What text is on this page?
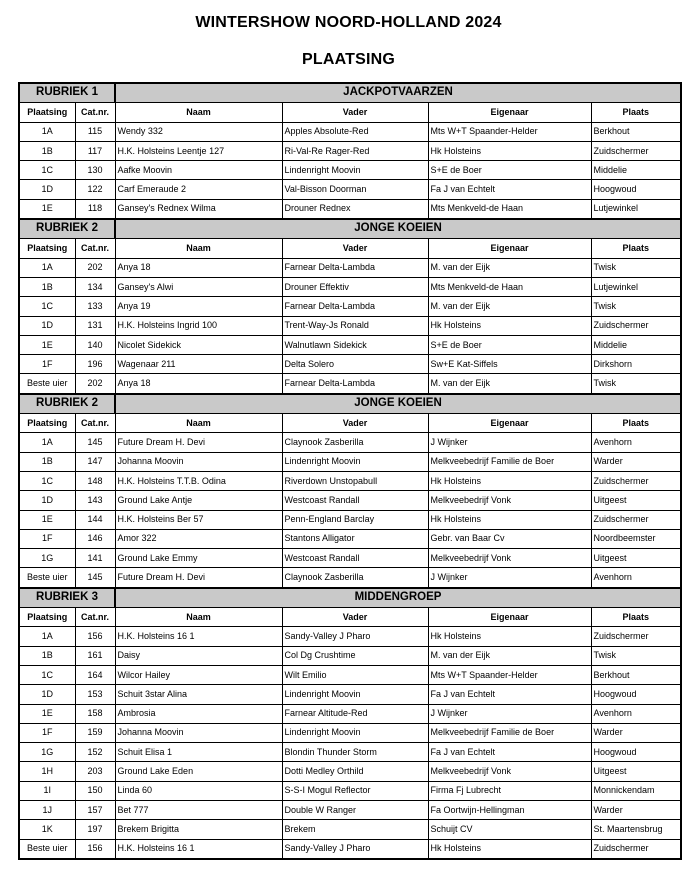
WINTERSHOW NOORD-HOLLAND 2024
PLAATSING
RUBRIEK 1		JACKPOTVAARZEN			
Plaatsing	Cat.nr.	Naam	Vader	Eigenaar	Plaats
1A	115	Wendy 332	Apples Absolute-Red	Mts W+T Spaander-Helder	Berkhout
1B	117	H.K. Holsteins Leentje 127	Ri-Val-Re Rager-Red	Hk Holsteins	Zuidschermer
1C	130	Aafke Moovin	Lindenright Moovin	S+E de Boer	Middelie
1D	122	Carf Emeraude 2	Val-Bisson Doorman	Fa J van Echtelt	Hoogwoud
1E	118	Gansey's Rednex Wilma	Drouner Rednex	Mts Menkveld-de Haan	Lutjewinkel
RUBRIEK 2		JONGE KOEIEN			
Plaatsing	Cat.nr.	Naam	Vader	Eigenaar	Plaats
1A	202	Anya 18	Farnear Delta-Lambda	M. van der Eijk	Twisk
1B	134	Gansey's Alwi	Drouner Effektiv	Mts Menkveld-de Haan	Lutjewinkel
1C	133	Anya 19	Farnear Delta-Lambda	M. van der Eijk	Twisk
1D	131	H.K. Holsteins Ingrid 100	Trent-Way-Js Ronald	Hk Holsteins	Zuidschermer
1E	140	Nicolet Sidekick	Walnutlawn Sidekick	S+E de Boer	Middelie
1F	196	Wagenaar 211	Delta Solero	Sw+E Kat-Siffels	Dirkshorn
Beste uier	202	Anya 18	Farnear Delta-Lambda	M. van der Eijk	Twisk
RUBRIEK 2		JONGE KOEIEN			
Plaatsing	Cat.nr.	Naam	Vader	Eigenaar	Plaats
1A	145	Future Dream H. Devi	Claynook Zasberilla	J Wijnker	Avenhorn
1B	147	Johanna Moovin	Lindenright Moovin	Melkveebedrijf Familie de Boer	Warder
1C	148	H.K. Holsteins T.T.B. Odina	Riverdown Unstopabull	Hk Holsteins	Zuidschermer
1D	143	Ground Lake Antje	Westcoast Randall	Melkveebedrijf Vonk	Uitgeest
1E	144	H.K. Holsteins Ber 57	Penn-England Barclay	Hk Holsteins	Zuidschermer
1F	146	Amor 322	Stantons Alligator	Gebr. van Baar Cv	Noordbeemster
1G	141	Ground Lake Emmy	Westcoast Randall	Melkveebedrijf Vonk	Uitgeest
Beste uier	145	Future Dream H. Devi	Claynook Zasberilla	J Wijnker	Avenhorn
RUBRIEK 3		MIDDENGROEP			
Plaatsing	Cat.nr.	Naam	Vader	Eigenaar	Plaats
1A	156	H.K. Holsteins 16 1	Sandy-Valley J Pharo	Hk Holsteins	Zuidschermer
1B	161	Daisy	Col Dg Crushtime	M. van der Eijk	Twisk
1C	164	Wilcor Hailey	Wilt Emilio	Mts W+T Spaander-Helder	Berkhout
1D	153	Schuit 3star Alina	Lindenright Moovin	Fa J van Echtelt	Hoogwoud
1E	158	Ambrosia	Farnear Altitude-Red	J Wijnker	Avenhorn
1F	159	Johanna Moovin	Lindenright Moovin	Melkveebedrijf Familie de Boer	Warder
1G	152	Schuit Elisa 1	Blondin Thunder Storm	Fa J van Echtelt	Hoogwoud
1H	203	Ground Lake Eden	Dotti Medley Orthild	Melkveebedrijf Vonk	Uitgeest
1I	150	Linda 60	S-S-I Mogul Reflector	Firma Fj Lubrecht	Monnickendam
1J	157	Bet 777	Double W Ranger	Fa Oortwijn-Hellingman	Warder
1K	197	Brekem Brigitta	Brekem	Schuijt CV	St. Maartensbrug
Beste uier	156	H.K. Holsteins 16 1	Sandy-Valley J Pharo	Hk Holsteins	Zuidschermer
